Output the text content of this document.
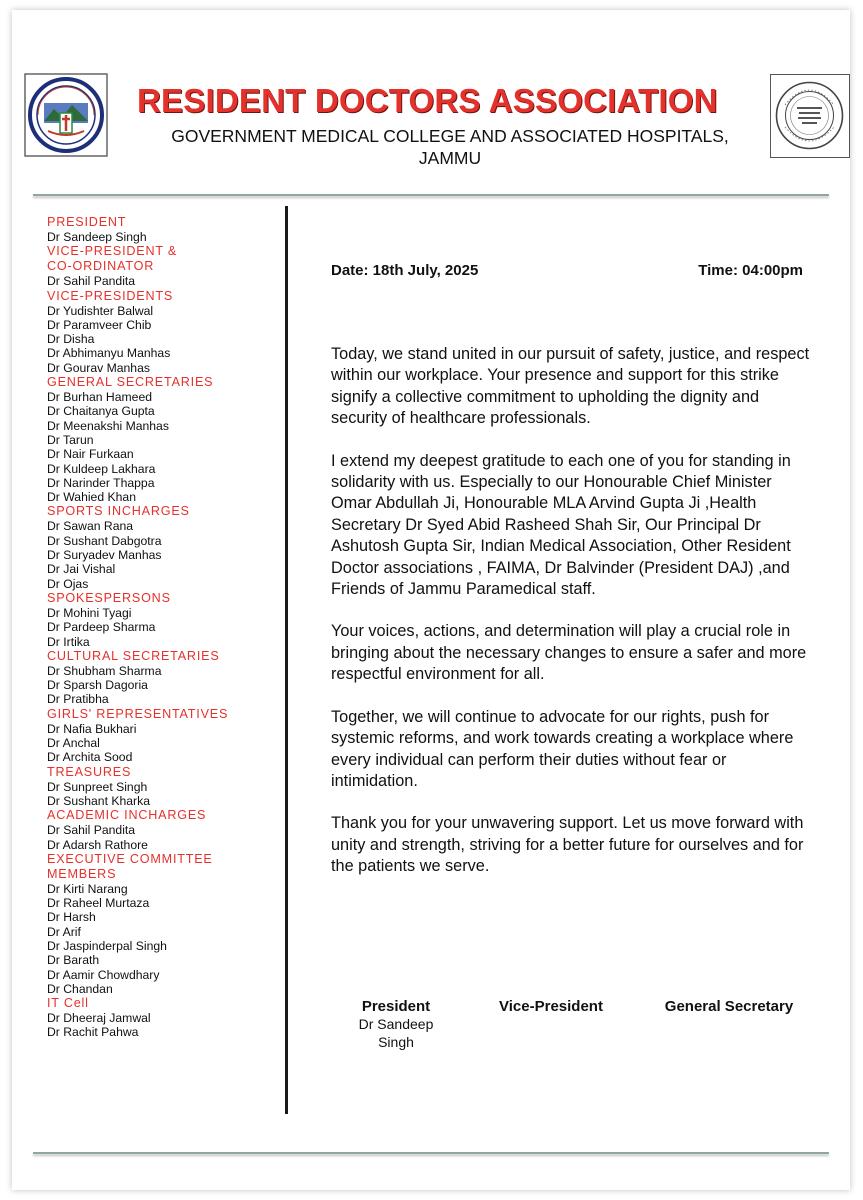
RESIDENT DOCTORS ASSOCIATION
GOVERNMENT MEDICAL COLLEGE AND ASSOCIATED HOSPITALS,
JAMMU
PRESIDENT
Dr Sandeep Singh
VICE-PRESIDENT &
CO-ORDINATOR
Dr Sahil Pandita
VICE-PRESIDENTS
Dr Yudishter Balwal
Dr Paramveer Chib
Dr Disha
Dr Abhimanyu Manhas
Dr Gourav Manhas
GENERAL SECRETARIES
Dr Burhan Hameed
Dr Chaitanya Gupta
Dr Meenakshi Manhas
Dr Tarun
Dr Nair Furkaan
Dr Kuldeep Lakhara
Dr Narinder Thappa
Dr Wahied Khan
SPORTS INCHARGES
Dr Sawan Rana
Dr Sushant Dabgotra
Dr Suryadev Manhas
Dr Jai Vishal
Dr Ojas
SPOKESPERSONS
Dr Mohini Tyagi
Dr Pardeep Sharma
Dr Irtika
CULTURAL SECRETARIES
Dr Shubham Sharma
Dr Sparsh Dagoria
Dr Pratibha
GIRLS' REPRESENTATIVES
Dr Nafia Bukhari
Dr Anchal
Dr Archita Sood
TREASURES
Dr Sunpreet Singh
Dr Sushant Kharka
ACADEMIC INCHARGES
Dr Sahil Pandita
Dr Adarsh Rathore
EXECUTIVE COMMITTEE
MEMBERS
Dr Kirti Narang
Dr Raheel Murtaza
Dr Harsh
Dr Arif
Dr Jaspinderpal Singh
Dr Barath
Dr Aamir Chowdhary
Dr Chandan
IT Cell
Dr Dheeraj Jamwal
Dr Rachit Pahwa
Date: 18th July, 2025	Time: 04:00pm

Today, we stand united in our pursuit of safety, justice, and respect within our workplace. Your presence and support for this strike signify a collective commitment to upholding the dignity and security of healthcare professionals.

I extend my deepest gratitude to each one of you for standing in solidarity with us. Especially to our Honourable Chief Minister Omar Abdullah Ji, Honourable MLA Arvind Gupta Ji ,Health Secretary Dr Syed Abid Rasheed Shah Sir, Our Principal Dr Ashutosh Gupta Sir, Indian Medical Association, Other Resident Doctor associations , FAIMA, Dr Balvinder (President DAJ) ,and Friends of Jammu Paramedical staff.

Your voices, actions, and determination will play a crucial role in bringing about the necessary changes to ensure a safer and more respectful environment for all.

Together, we will continue to advocate for our rights, push for systemic reforms, and work towards creating a workplace where every individual can perform their duties without fear or intimidation.

Thank you for your unwavering support. Let us move forward with unity and strength, striving for a better future for ourselves and for the patients we serve.

President
Dr Sandeep Singh
Vice-President	General Secretary
